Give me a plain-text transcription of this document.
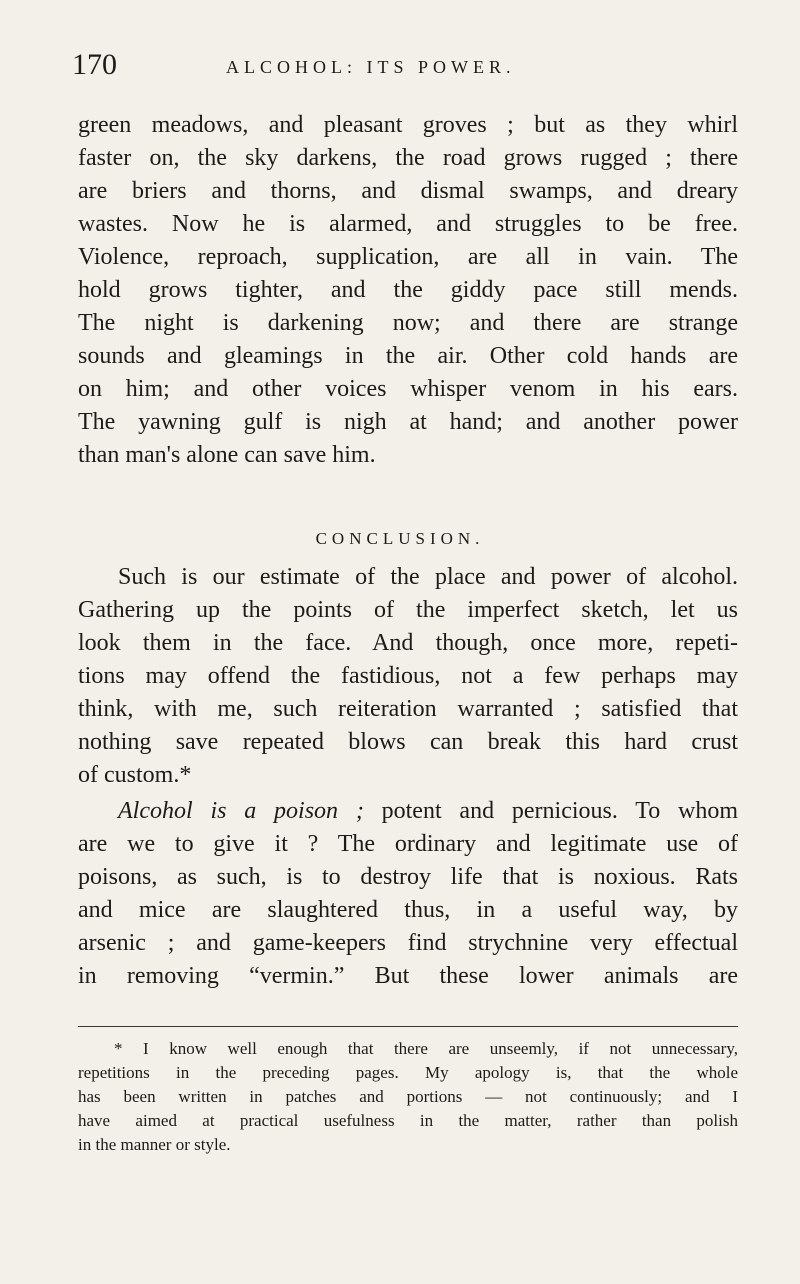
170	ALCOHOL: ITS POWER.
green meadows, and pleasant groves ; but as they whirl
faster on, the sky darkens, the road grows rugged ; there
are briers and thorns, and dismal swamps, and dreary
wastes. Now he is alarmed, and struggles to be free.
Violence, reproach, supplication, are all in vain. The
hold grows tighter, and the giddy pace still mends.
The night is darkening now; and there are strange
sounds and gleamings in the air. Other cold hands are
on him; and other voices whisper venom in his ears.
The yawning gulf is nigh at hand; and another power
than man's alone can save him.
CONCLUSION.
Such is our estimate of the place and power of alcohol.
Gathering up the points of the imperfect sketch, let us
look them in the face. And though, once more, repeti-
tions may offend the fastidious, not a few perhaps may
think, with me, such reiteration warranted ; satisfied that
nothing save repeated blows can break this hard crust
of custom.*
Alcohol is a poison ; potent and pernicious. To whom
are we to give it ? The ordinary and legitimate use of
poisons, as such, is to destroy life that is noxious. Rats
and mice are slaughtered thus, in a useful way, by
arsenic ; and game-keepers find strychnine very effectual
in removing “vermin.” But these lower animals are
* I know well enough that there are unseemly, if not unnecessary,
repetitions in the preceding pages. My apology is, that the whole
has been written in patches and portions — not continuously; and I
have aimed at practical usefulness in the matter, rather than polish
in the manner or style.
